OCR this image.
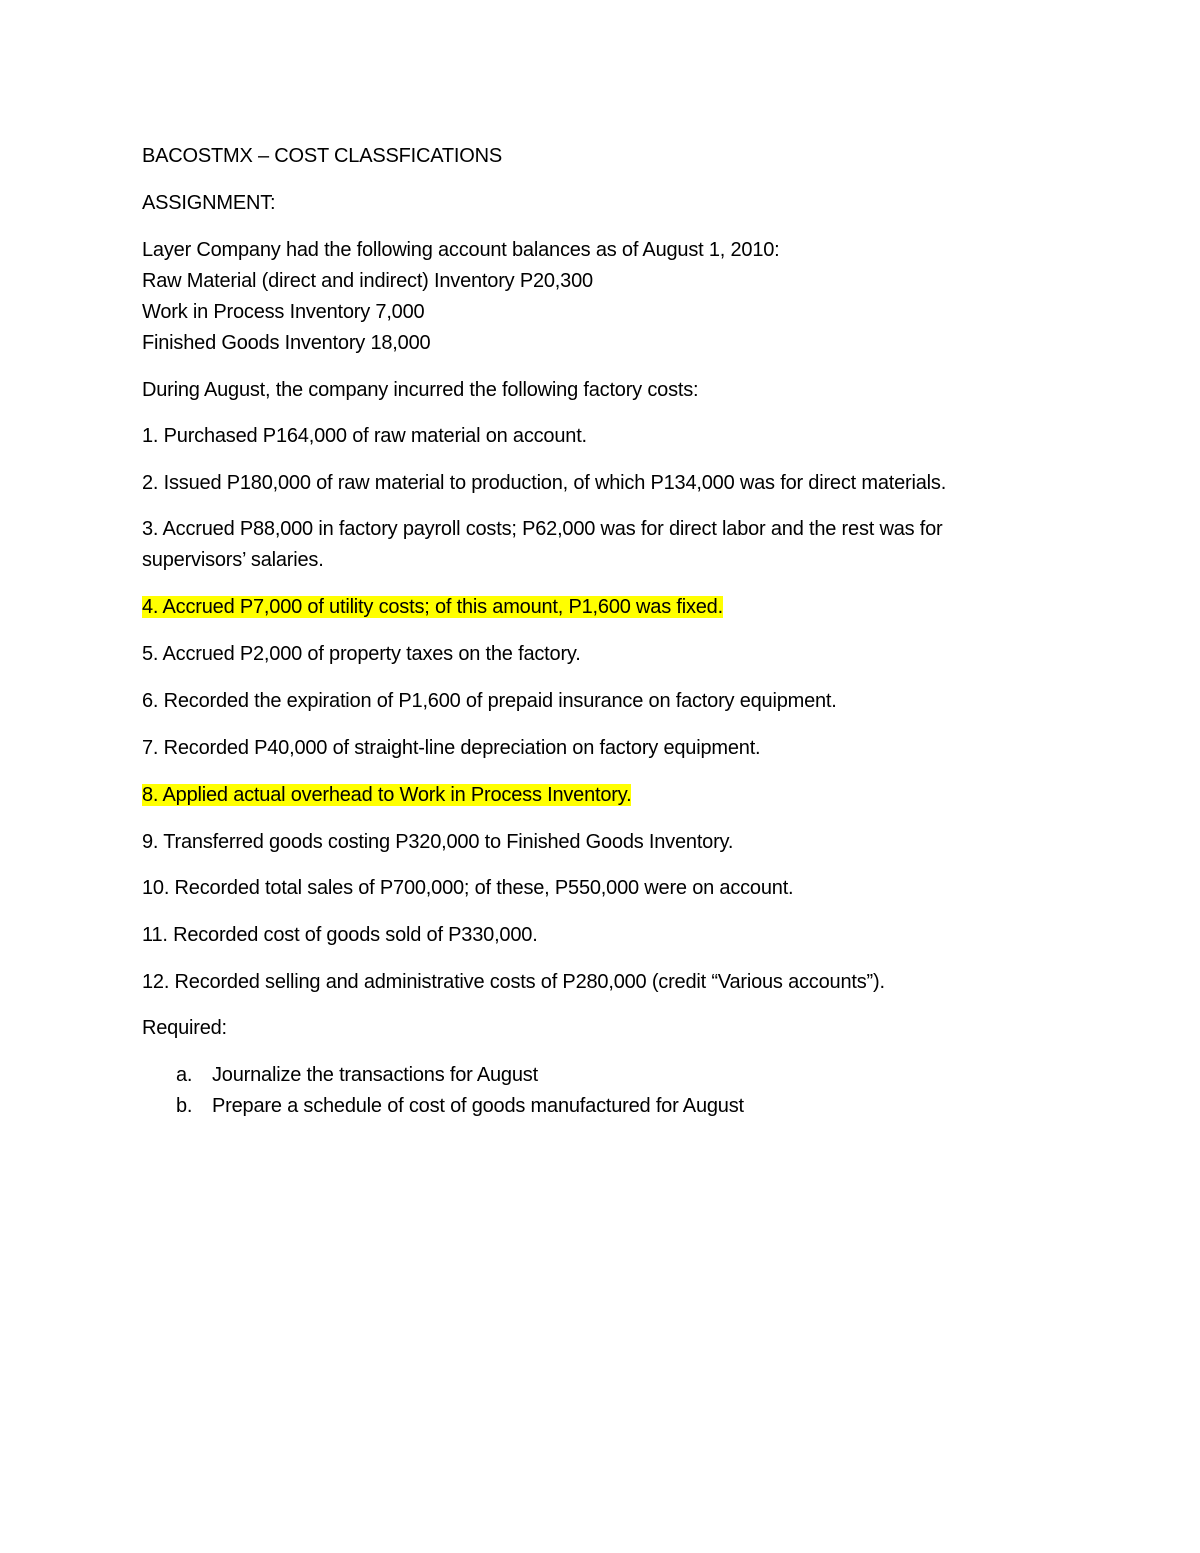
BACOSTMX – COST CLASSFICATIONS

ASSIGNMENT:

Layer Company had the following account balances as of August 1, 2010:

Raw Material (direct and indirect) Inventory P20,300

Work in Process Inventory 7,000

Finished Goods Inventory 18,000

During August, the company incurred the following factory costs:

1. Purchased P164,000 of raw material on account.

2. Issued P180,000 of raw material to production, of which P134,000 was for direct materials.

3. Accrued P88,000 in factory payroll costs; P62,000 was for direct labor and the rest was for

supervisors’ salaries.

4. Accrued P7,000 of utility costs; of this amount, P1,600 was fixed.

5. Accrued P2,000 of property taxes on the factory.

6. Recorded the expiration of P1,600 of prepaid insurance on factory equipment.

7. Recorded P40,000 of straight-line depreciation on factory equipment.

8. Applied actual overhead to Work in Process Inventory.

9. Transferred goods costing P320,000 to Finished Goods Inventory.

10. Recorded total sales of P700,000; of these, P550,000 were on account.

11. Recorded cost of goods sold of P330,000.

12. Recorded selling and administrative costs of P280,000 (credit “Various accounts”).

Required:

a. Journalize the transactions for August
b. Prepare a schedule of cost of goods manufactured for August
